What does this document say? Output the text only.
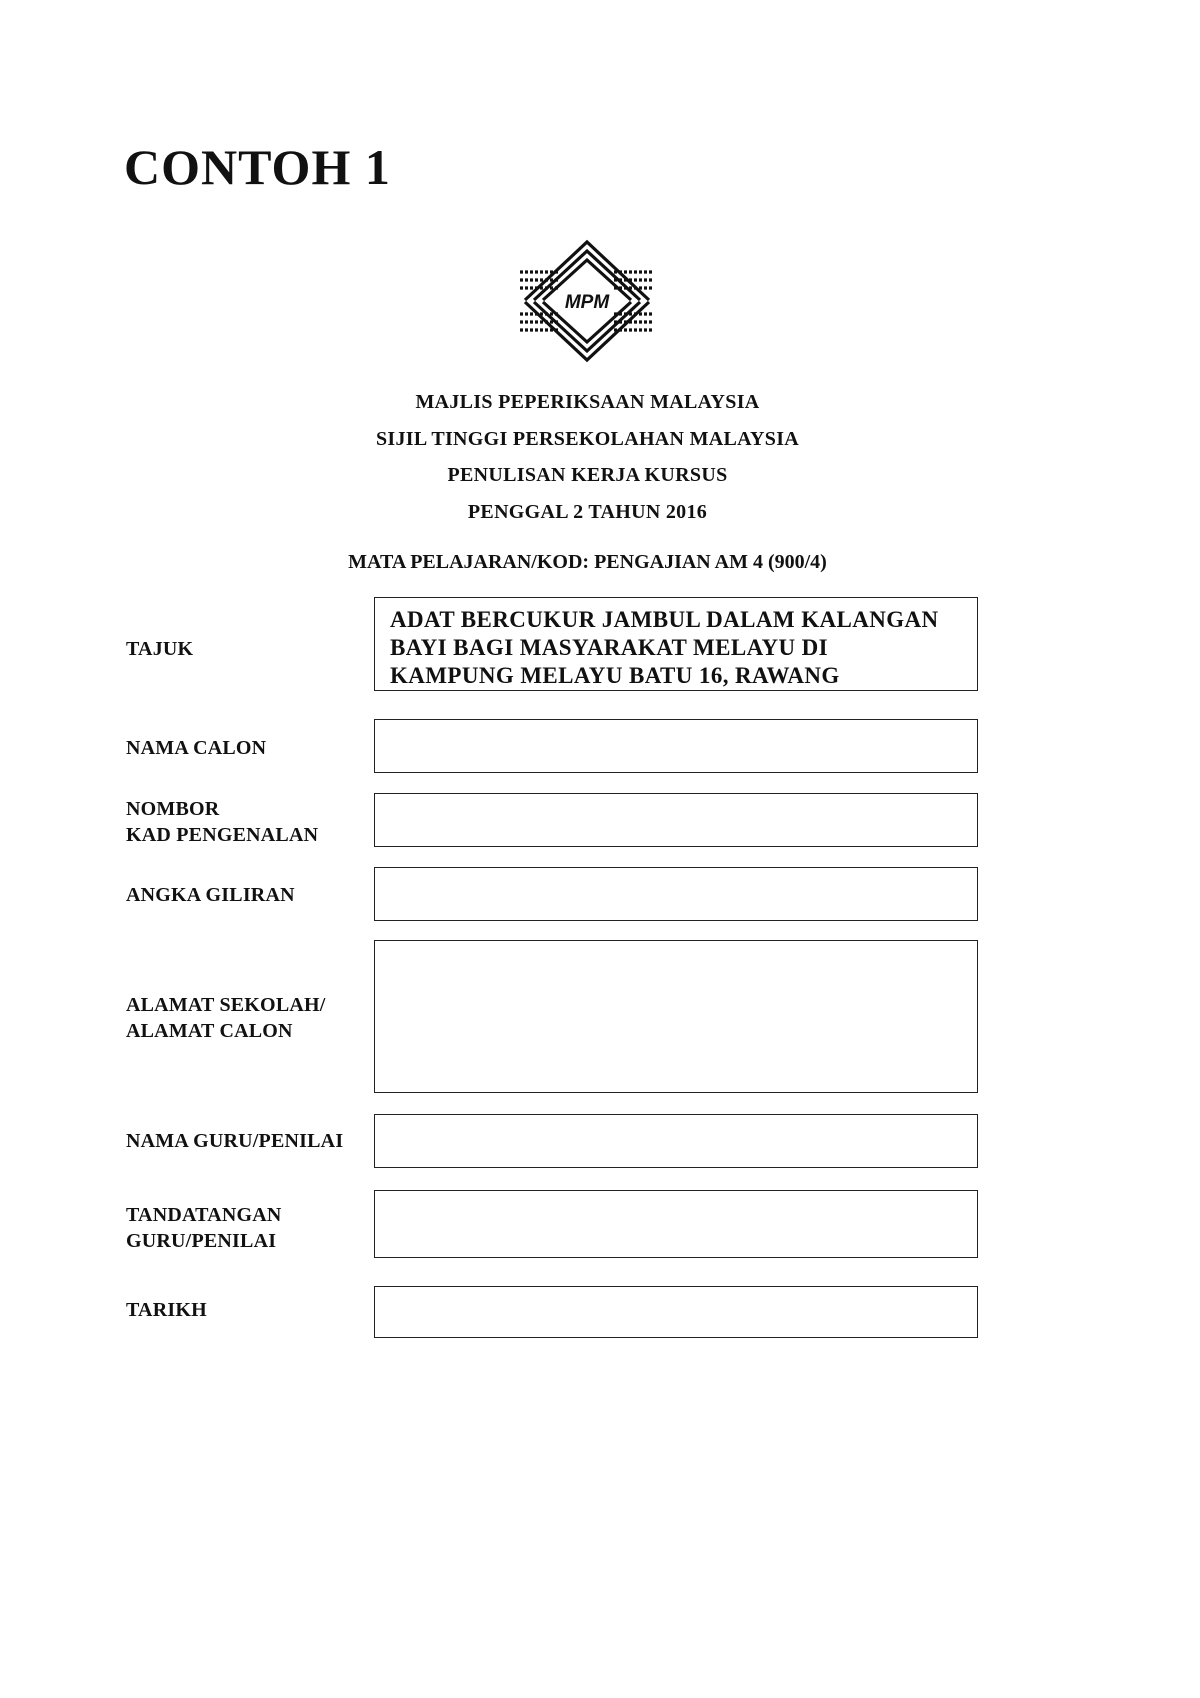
CONTOH 1
MPM
MAJLIS PEPERIKSAAN MALAYSIA
SIJIL TINGGI PERSEKOLAHAN MALAYSIA
PENULISAN KERJA KURSUS
PENGGAL 2 TAHUN 2016
MATA PELAJARAN/KOD: PENGAJIAN AM 4 (900/4)
TAJUK
ADAT BERCUKUR JAMBUL DALAM KALANGAN
BAYI BAGI MASYARAKAT MELAYU DI
KAMPUNG MELAYU BATU 16, RAWANG
NAMA CALON
NOMBOR
KAD PENGENALAN
ANGKA GILIRAN
ALAMAT SEKOLAH/
ALAMAT CALON
NAMA GURU/PENILAI
TANDATANGAN
GURU/PENILAI
TARIKH
